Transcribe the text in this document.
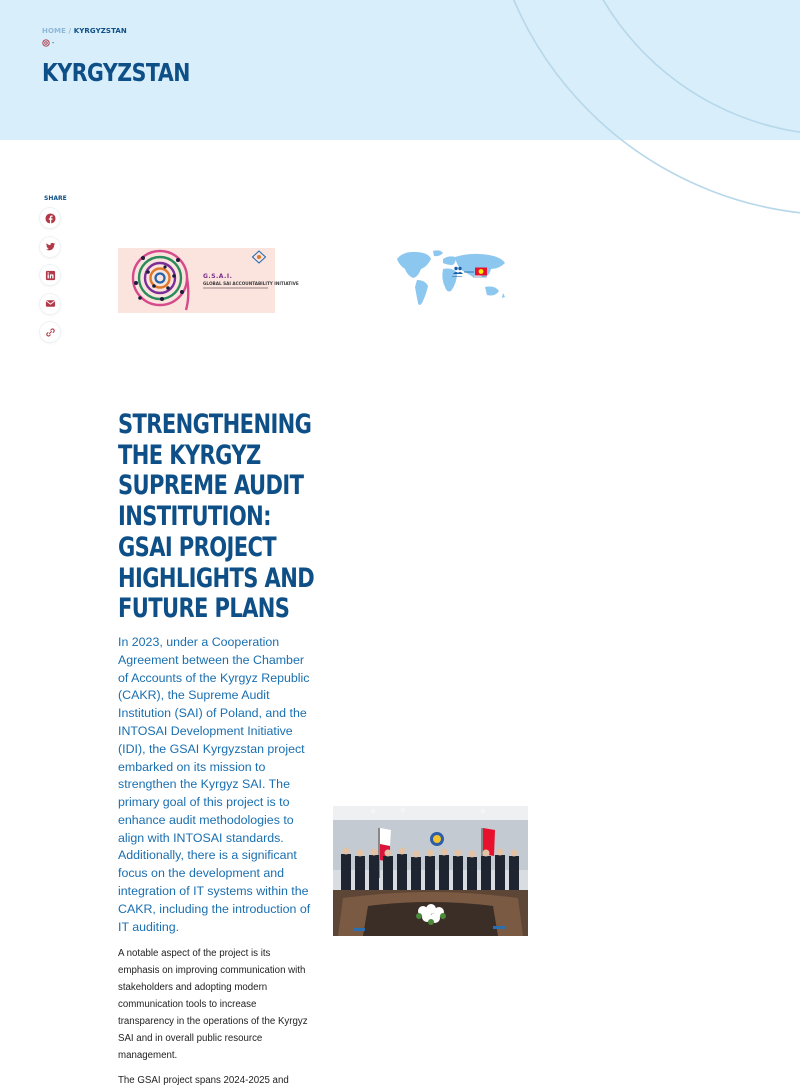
HOME / KYRGYZSTAN
-
KYRGYZSTAN
SHARE
G.S.A.I.
GLOBAL SAI ACCOUNTABILITY INITIATIVE
STRENGTHENING THE KYRGYZ SUPREME AUDIT INSTITUTION: GSAI PROJECT HIGHLIGHTS AND FUTURE PLANS

In 2023, under a Cooperation Agreement between the Chamber of Accounts of the Kyrgyz Republic (CAKR), the Supreme Audit Institution (SAI) of Poland, and the INTOSAI Development Initiative (IDI), the GSAI Kyrgyzstan project embarked on its mission to strengthen the Kyrgyz SAI. The primary goal of this project is to enhance audit methodologies to align with INTOSAI standards. Additionally, there is a significant focus on the development and integration of IT systems within the CAKR, including the introduction of IT auditing.

A notable aspect of the project is its emphasis on improving communication with stakeholders and adopting modern communication tools to increase transparency in the operations of the Kyrgyz SAI and in overall public resource management.

The GSAI project spans 2024-2025 and
